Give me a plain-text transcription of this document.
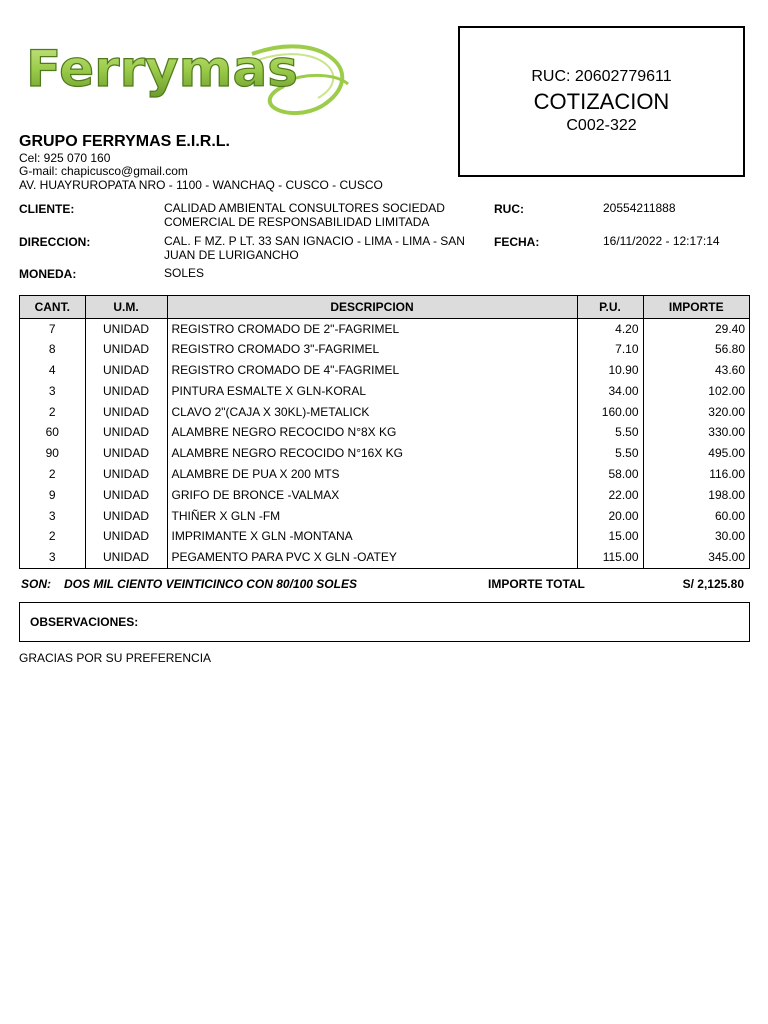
Ferrymas	RUC: 20602779611
COTIZACION
C002-322
GRUPO FERRYMAS E.I.R.L.
Cel: 925 070 160
G-mail: chapicusco@gmail.com
AV. HUAYRUROPATA NRO - 1100 - WANCHAQ - CUSCO - CUSCO
CLIENTE:	CALIDAD AMBIENTAL CONSULTORES SOCIEDAD
COMERCIAL DE RESPONSABILIDAD LIMITADA
RUC:	20554211888
DIRECCION:	CAL. F MZ. P LT. 33 SAN IGNACIO - LIMA - LIMA - SAN
JUAN DE LURIGANCHO
FECHA:	16/11/2022 - 12:17:14
MONEDA:	SOLES
CANT.	U.M.	DESCRIPCION	P.U.	IMPORTE
7	UNIDAD	REGISTRO CROMADO DE 2"-FAGRIMEL	4.20	29.40
8	UNIDAD	REGISTRO CROMADO 3"-FAGRIMEL	7.10	56.80
4	UNIDAD	REGISTRO CROMADO DE 4"-FAGRIMEL	10.90	43.60
3	UNIDAD	PINTURA ESMALTE X GLN-KORAL	34.00	102.00
2	UNIDAD	CLAVO 2"(CAJA X 30KL)-METALICK	160.00	320.00
60	UNIDAD	ALAMBRE NEGRO RECOCIDO N°8X KG	5.50	330.00
90	UNIDAD	ALAMBRE NEGRO RECOCIDO N°16X KG	5.50	495.00
2	UNIDAD	ALAMBRE DE PUA X 200 MTS	58.00	116.00
9	UNIDAD	GRIFO DE BRONCE -VALMAX	22.00	198.00
3	UNIDAD	THIÑER X GLN -FM	20.00	60.00
2	UNIDAD	IMPRIMANTE X GLN -MONTANA	15.00	30.00
3	UNIDAD	PEGAMENTO PARA PVC X GLN -OATEY	115.00	345.00
SON: DOS MIL CIENTO VEINTICINCO CON 80/100 SOLES	IMPORTE TOTAL	S/ 2,125.80
OBSERVACIONES:
GRACIAS POR SU PREFERENCIA
